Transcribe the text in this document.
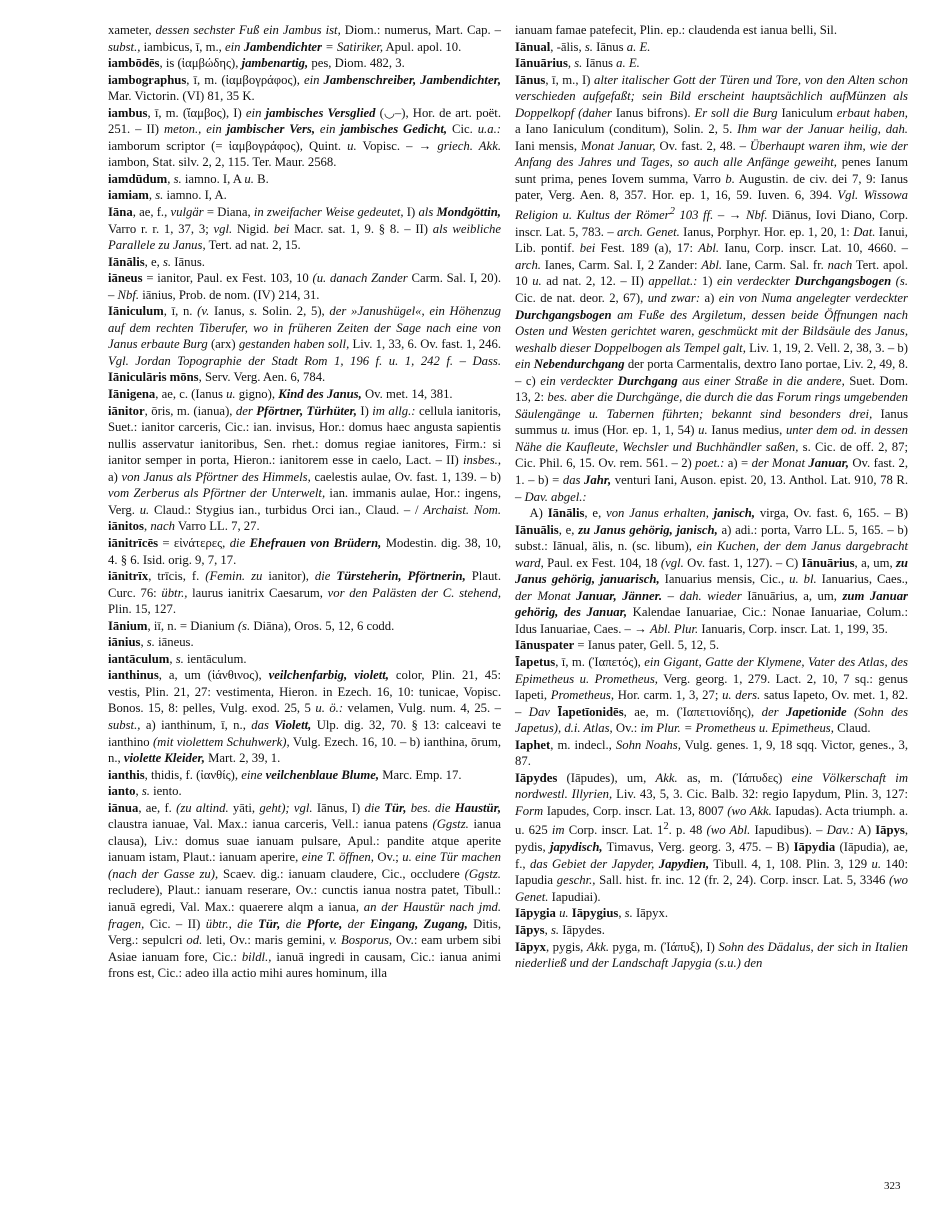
xameter, dessen sechster Fuß ein Jambus ist, Diom.: numerus, Mart. Cap. – subst., iambicus, ī, m., ein Jambendichter = Satiriker, Apul. apol. 10.

iambōdēs, is (ἰαμβώδης), jambenartig, pes, Diom. 482, 3.

iambographus, ī, m. (ἰαμβογράφος), ein Jambenschreiber, Jambendichter, Mar. Victorin. (VI) 81, 35 K.

iambus, ī, m. (ἴαμβος), I) ein jambisches Versglied (◡–), Hor. de art. poët. 251. – II) meton., ein jambischer Vers, ein jambisches Gedicht, Cic. u.a.: iamborum scriptor (= ἰαμβογράφος), Quint. u. Vopisc. – → griech. Akk. iambon, Stat. silv. 2, 2, 115. Ter. Maur. 2568.

iamdūdum, s. iamno. I, A u. B.

iamiam, s. iamno. I, A.

Iāna, ae, f., vulgär = Diana, in zweifacher Weise gedeutet, I) als Mondgöttin, Varro r. r. 1, 37, 3; vgl. Nigid. bei Macr. sat. 1, 9. § 8. – II) als weibliche Parallele zu Janus, Tert. ad nat. 2, 15.

Iānālis, e, s. Iānus.

iāneus = ianitor, Paul. ex Fest. 103, 10 (u. danach Zander Carm. Sal. I, 20). – Nbf. iānius, Prob. de nom. (IV) 214, 31.

Iāniculum, ī, n. (v. Ianus, s. Solin. 2, 5), der »Janushügel«, ein Höhenzug auf dem rechten Tiberufer, wo in früheren Zeiten der Sage nach eine von Janus erbaute Burg (arx) gestanden haben soll, Liv. 1, 33, 6. Ov. fast. 1, 246. Vgl. Jordan Topographie der Stadt Rom 1, 196 f. u. 1, 242 f. – Dass. Iāniculāris mōns, Serv. Verg. Aen. 6, 784.

Iānigena, ae, c. (Ianus u. gigno), Kind des Janus, Ov. met. 14, 381.

iānitor, ōris, m. (ianua), der Pförtner, Türhüter, I) im allg.: cellula ianitoris, Suet.: ianitor carceris, Cic.: ian. invisus, Hor.: domus haec angusta sapientis nullis asservatur ianitoribus, Sen. rhet.: domus regiae ianitores, Firm.: si ianitor semper in porta, Hieron.: ianitorem esse in caelo, Lact. – II) insbes., a) von Janus als Pförtner des Himmels, caelestis aulae, Ov. fast. 1, 139. – b) vom Zerberus als Pförtner der Unterwelt, ian. immanis aulae, Hor.: ingens, Verg. u. Claud.: Stygius ian., turbidus Orci ian., Claud. – / Archaist. Nom. iānitos, nach Varro LL. 7, 27.

iānitrīcēs = εἰνάτερες, die Ehefrauen von Brüdern, Modestin. dig. 38, 10, 4. § 6. Isid. orig. 9, 7, 17.

iānitrīx, trīcis, f. (Femin. zu ianitor), die Türsteherin, Pförtnerin, Plaut. Curc. 76: übtr., laurus ianitrix Caesarum, vor den Palästen der C. stehend, Plin. 15, 127.

Iānium, iī, n. = Dianium (s. Diāna), Oros. 5, 12, 6 codd.

iānius, s. iāneus.

iantāculum, s. ientāculum.

ianthinus, a, um (ἰάνθινος), veilchenfarbig, violett, color, Plin. 21, 45: vestis, Plin. 21, 27: vestimenta, Hieron. in Ezech. 16, 10: tunicae, Vopisc. Bonos. 15, 8: pelles, Vulg. exod. 25, 5 u. ö.: velamen, Vulg. num. 4, 25. – subst., a) ianthinum, ī, n., das Violett, Ulp. dig. 32, 70. § 13: calceavi te ianthino (mit violettem Schuhwerk), Vulg. Ezech. 16, 10. – b) ianthina, ōrum, n., violette Kleider, Mart. 2, 39, 1.

ianthis, thidis, f. (ἰανθίς), eine veilchenblaue Blume, Marc. Emp. 17.

ianto, s. iento.

iānua, ae, f. (zu altind. yāti, geht); vgl. Iānus, I) die Tür, bes. die Haustür, claustra ianuae, Val. Max.: ianua carceris, Vell.: ianua patens (Ggstz. ianua clausa), Liv.: domus suae ianuam pulsare, Apul.: pandite atque aperite ianuam istam, Plaut.: ianuam aperire, eine T. öffnen, Ov.; u. eine Tür machen (nach der Gasse zu), Scaev. dig.: ianuam claudere, Cic., occludere (Ggstz. recludere), Plaut.: ianuam reserare, Ov.: cunctis ianua nostra patet, Tibull.: ianuā egredi, Val. Max.: quaerere alqm a ianua, an der Haustür nach jmd. fragen, Cic. – II) übtr., die Tür, die Pforte, der Eingang, Zugang, Ditis, Verg.: sepulcri od. leti, Ov.: maris gemini, v. Bosporus, Ov.: eam urbem sibi Asiae ianuam fore, Cic.: bildl., ianuā ingredi in causam, Cic.: ianua animi frons est, Cic.: adeo illa actio mihi aures hominum, illa

ianuam famae patefecit, Plin. ep.: claudenda est ianua belli, Sil.

Iānual, -ālis, s. Iānus a. E.

Iānuārius, s. Iānus a. E.

Iānus, ī, m., I) alter italischer Gott der Türen und Tore, von den Alten schon verschieden aufgefaßt; sein Bild erscheint hauptsächlich aufMünzen als Doppelkopf (daher Ianus bifrons). Er soll die Burg Ianiculum erbaut haben, a Iano Ianiculum (conditum), Solin. 2, 5. Ihm war der Januar heilig, dah. Iani mensis, Monat Januar, Ov. fast. 2, 48. – Überhaupt waren ihm, wie der Anfang des Jahres und Tages, so auch alle Anfänge geweiht, penes Ianum sunt prima, penes Iovem summa, Varro b. Augustin. de civ. dei 7, 9: Ianus pater, Verg. Aen. 8, 357. Hor. ep. 1, 16, 59. Iuven. 6, 394. Vgl. Wissowa Religion u. Kultus der Römer$^2$ 103 ff. – → Nbf. Diānus, Iovi Diano, Corp. inscr. Lat. 5, 783. – arch. Genet. Ianus, Porphyr. Hor. ep. 1, 20, 1: Dat. Ianui, Lib. pontif. bei Fest. 189 (a), 17: Abl. Ianu, Corp. inscr. Lat. 10, 4660. – arch. Ianes, Carm. Sal. I, 2 Zander: Abl. Iane, Carm. Sal. fr. nach Tert. apol. 10 u. ad nat. 2, 12. – II) appellat.: 1) ein verdeckter Durchgangsbogen (s. Cic. de nat. deor. 2, 67), und zwar: a) ein von Numa angelegter verdeckter Durchgangsbogen am Fuße des Argiletum, dessen beide Öffnungen nach Osten und Westen gerichtet waren, geschmückt mit der Bildsäule des Janus, weshalb dieser Doppelbogen als Tempel galt, Liv. 1, 19, 2. Vell. 2, 38, 3. – b) ein Nebendurchgang der porta Carmentalis, dextro Iano portae, Liv. 2, 49, 8. – c) ein verdeckter Durchgang aus einer Straße in die andere, Suet. Dom. 13, 2: bes. aber die Durchgänge, die durch die das Forum rings umgebenden Säulengänge u. Tabernen führten; bekannt sind besonders drei, Ianus summus u. imus (Hor. ep. 1, 1, 54) u. Ianus medius, unter dem od. in dessen Nähe die Kaufleute, Wechsler und Buchhändler saßen, s. Cic. de off. 2, 87; Cic. Phil. 6, 15. Ov. rem. 561. – 2) poet.: a) = der Monat Januar, Ov. fast. 2, 1. – b) = das Jahr, venturi Iani, Auson. epist. 20, 13. Anthol. Lat. 910, 78 R. – Dav. abgel.:

A) Iānālis, e, von Janus erhalten, janisch, virga, Ov. fast. 6, 165. – B) Iānuālis, e, zu Janus gehörig, janisch, a) adi.: porta, Varro LL. 5, 165. – b) subst.: Iānual, ālis, n. (sc. libum), ein Kuchen, der dem Janus dargebracht ward, Paul. ex Fest. 104, 18 (vgl. Ov. fast. 1, 127). – C) Iānuārius, a, um, zu Janus gehörig, januarisch, Ianuarius mensis, Cic., u. bl. Ianuarius, Caes., der Monat Januar, Jänner. – dah. wieder Iānuārius, a, um, zum Januar gehörig, des Januar, Kalendae Ianuariae, Cic.: Nonae Ianuariae, Colum.: Idus Ianuariae, Caes. – → Abl. Plur. Ianuaris, Corp. inscr. Lat. 1, 199, 35.

Iānuspater = Ianus pater, Gell. 5, 12, 5.

Īapetus, ī, m. (Ἰαπετός), ein Gigant, Gatte der Klymene, Vater des Atlas, des Epimetheus u. Prometheus, Verg. georg. 1, 279. Lact. 2, 10, 7 sq.: genus Iapeti, Prometheus, Hor. carm. 1, 3, 27; u. ders. satus Iapeto, Ov. met. 1, 82. – Dav Īapetīonidēs, ae, m. (Ἰαπετιονίδης), der Japetionide (Sohn des Japetus), d.i. Atlas, Ov.: im Plur. = Prometheus u. Epimetheus, Claud.

Iaphet, m. indecl., Sohn Noahs, Vulg. genes. 1, 9, 18 sqq. Victor, genes., 3, 87.

Iāpydes (Iāpudes), um, Akk. as, m. (Ἰάπυδες) eine Völkerschaft im nordwestl. Illyrien, Liv. 43, 5, 3. Cic. Balb. 32: regio Iapydum, Plin. 3, 127: Form Iapudes, Corp. inscr. Lat. 13, 8007 (wo Akk. Iapudas). Acta triumph. a. u. 625 im Corp. inscr. Lat. $1^2$. p. 48 (wo Abl. Iapudibus). – Dav.: A) Iāpys, pydis, japydisch, Timavus, Verg. georg. 3, 475. – B) Iāpydia (Iāpudia), ae, f., das Gebiet der Japyder, Japydien, Tibull. 4, 1, 108. Plin. 3, 129 u. 140: Iapudia geschr., Sall. hist. fr. inc. 12 (fr. 2, 24). Corp. inscr. Lat. 5, 3346 (wo Genet. Iapudiai).

Iāpygia u. Iāpygius, s. Iāpyx.

Iāpys, s. Iāpydes.

Iāpyx, pygis, Akk. pyga, m. (Ἰάπυξ), I) Sohn des Dädalus, der sich in Italien niederließ und der Landschaft Japygia (s.u.) den

323
